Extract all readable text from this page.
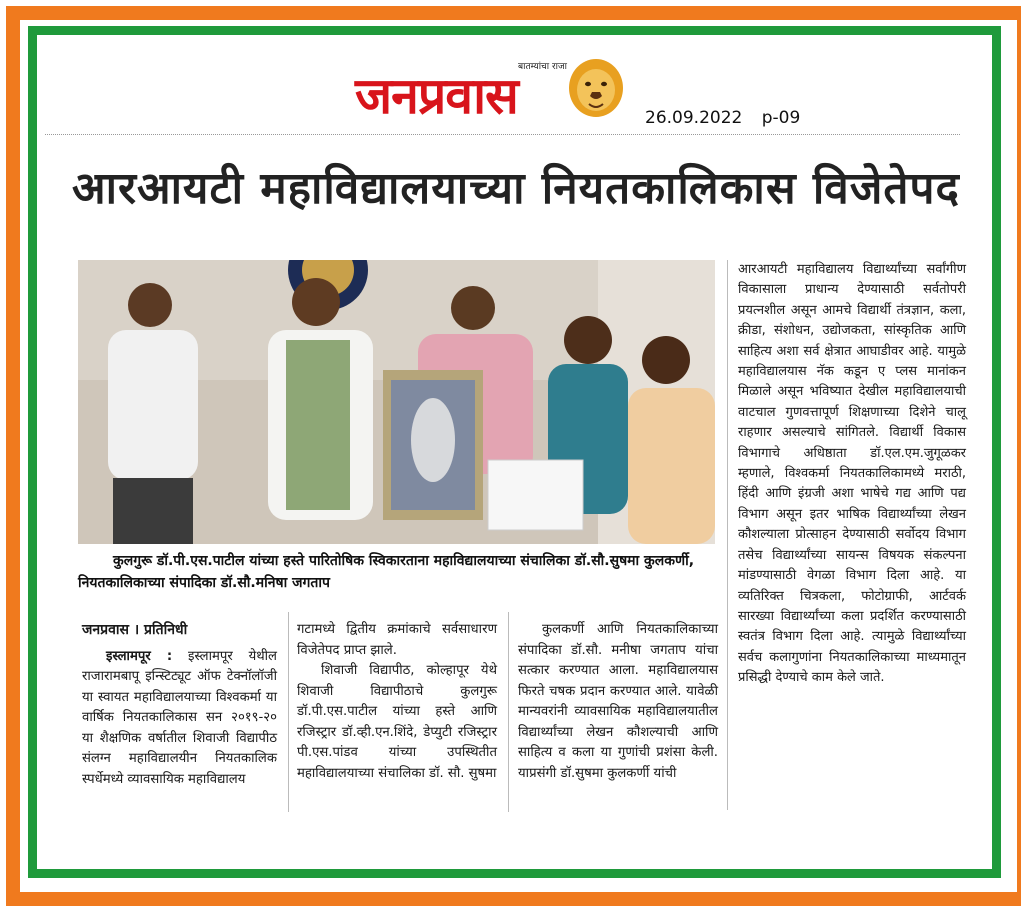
बातम्यांचा राजा
जनप्रवास	26.09.2022 p-09
आरआयटी महाविद्यालयाच्या नियतकालिकास विजेतेपद

कुलगुरू डॉ.पी.एस.पाटील यांच्या हस्ते पारितोषिक स्विकारताना महाविद्यालयाच्या संचालिका डॉ.सौ.सुषमा कुलकर्णी,

नियतकालिकाच्या संपादिका डॉ.सौ.मनिषा जगताप

आरआयटी महाविद्यालय विद्यार्थ्यांच्या सर्वांगीण विकासाला प्राधान्य देण्यासाठी सर्वतोपरी प्रयत्नशील असून आमचे विद्यार्थी तंत्रज्ञान, कला, क्रीडा, संशोधन, उद्योजकता, सांस्कृतिक आणि साहित्य अशा सर्व क्षेत्रात आघाडीवर आहे. यामुळे महाविद्यालयास नॅक कडून ए प्लस मानांकन मिळाले असून भविष्यात देखील महाविद्यालयाची वाटचाल गुणवत्तापूर्ण शिक्षणाच्या दिशेने चालू राहणार असल्याचे सांगितले. विद्यार्थी विकास विभागाचे अधिष्ठाता डॉ.एल.एम.जुगूळकर म्हणाले, विश्वकर्मा नियतकालिकामध्ये मराठी, हिंदी आणि इंग्रजी अशा भाषेचे गद्य आणि पद्य विभाग असून इतर भाषिक विद्यार्थ्यांच्या लेखन कौशल्याला प्रोत्साहन देण्यासाठी सर्वोदय विभाग तसेच विद्यार्थ्यांच्या सायन्स विषयक संकल्पना मांडण्यासाठी वेगळा विभाग दिला आहे. या व्यतिरिक्त चित्रकला, फोटोग्राफी, आर्टवर्क सारख्या विद्यार्थ्यांच्या कला प्रदर्शित करण्यासाठी स्वतंत्र विभाग दिला आहे. त्यामुळे विद्यार्थ्यांच्या सर्वच कलागुणांना नियतकालिकाच्या माध्यमातून प्रसिद्धी देण्याचे काम केले जाते.

जनप्रवास । प्रतिनिधी

इस्लामपूर : इस्लामपूर येथील राजारामबापू इन्स्टिट्यूट ऑफ टेक्नॉलॉजी या स्वायत महाविद्यालयाच्या विश्वकर्मा या वार्षिक नियतकालिकास सन २०१९-२० या शैक्षणिक वर्षातील शिवाजी विद्यापीठ संलग्न महाविद्यालयीन नियतकालिक स्पर्धेमध्ये व्यावसायिक महाविद्यालय

गटामध्ये द्वितीय क्रमांकाचे सर्वसाधारण विजेतेपद प्राप्त झाले.

शिवाजी विद्यापीठ, कोल्हापूर येथे शिवाजी विद्यापीठाचे कुलगुरू डॉ.पी.एस.पाटील यांच्या हस्ते आणि रजिस्ट्रार डॉ.व्ही.एन.शिंदे, डेप्युटी रजिस्ट्रार पी.एस.पांडव यांच्या उपस्थितीत महाविद्यालयाच्या संचालिका डॉ. सौ. सुषमा

कुलकर्णी आणि नियतकालिकाच्या संपादिका डॉ.सौ. मनीषा जगताप यांचा सत्कार करण्यात आला. महाविद्यालयास फिरते चषक प्रदान करण्यात आले. यावेळी मान्यवरांनी व्यावसायिक महाविद्यालयातील विद्यार्थ्यांच्या लेखन कौशल्याची आणि साहित्य व कला या गुणांची प्रशंसा केली. याप्रसंगी डॉ.सुषमा कुलकर्णी यांची
